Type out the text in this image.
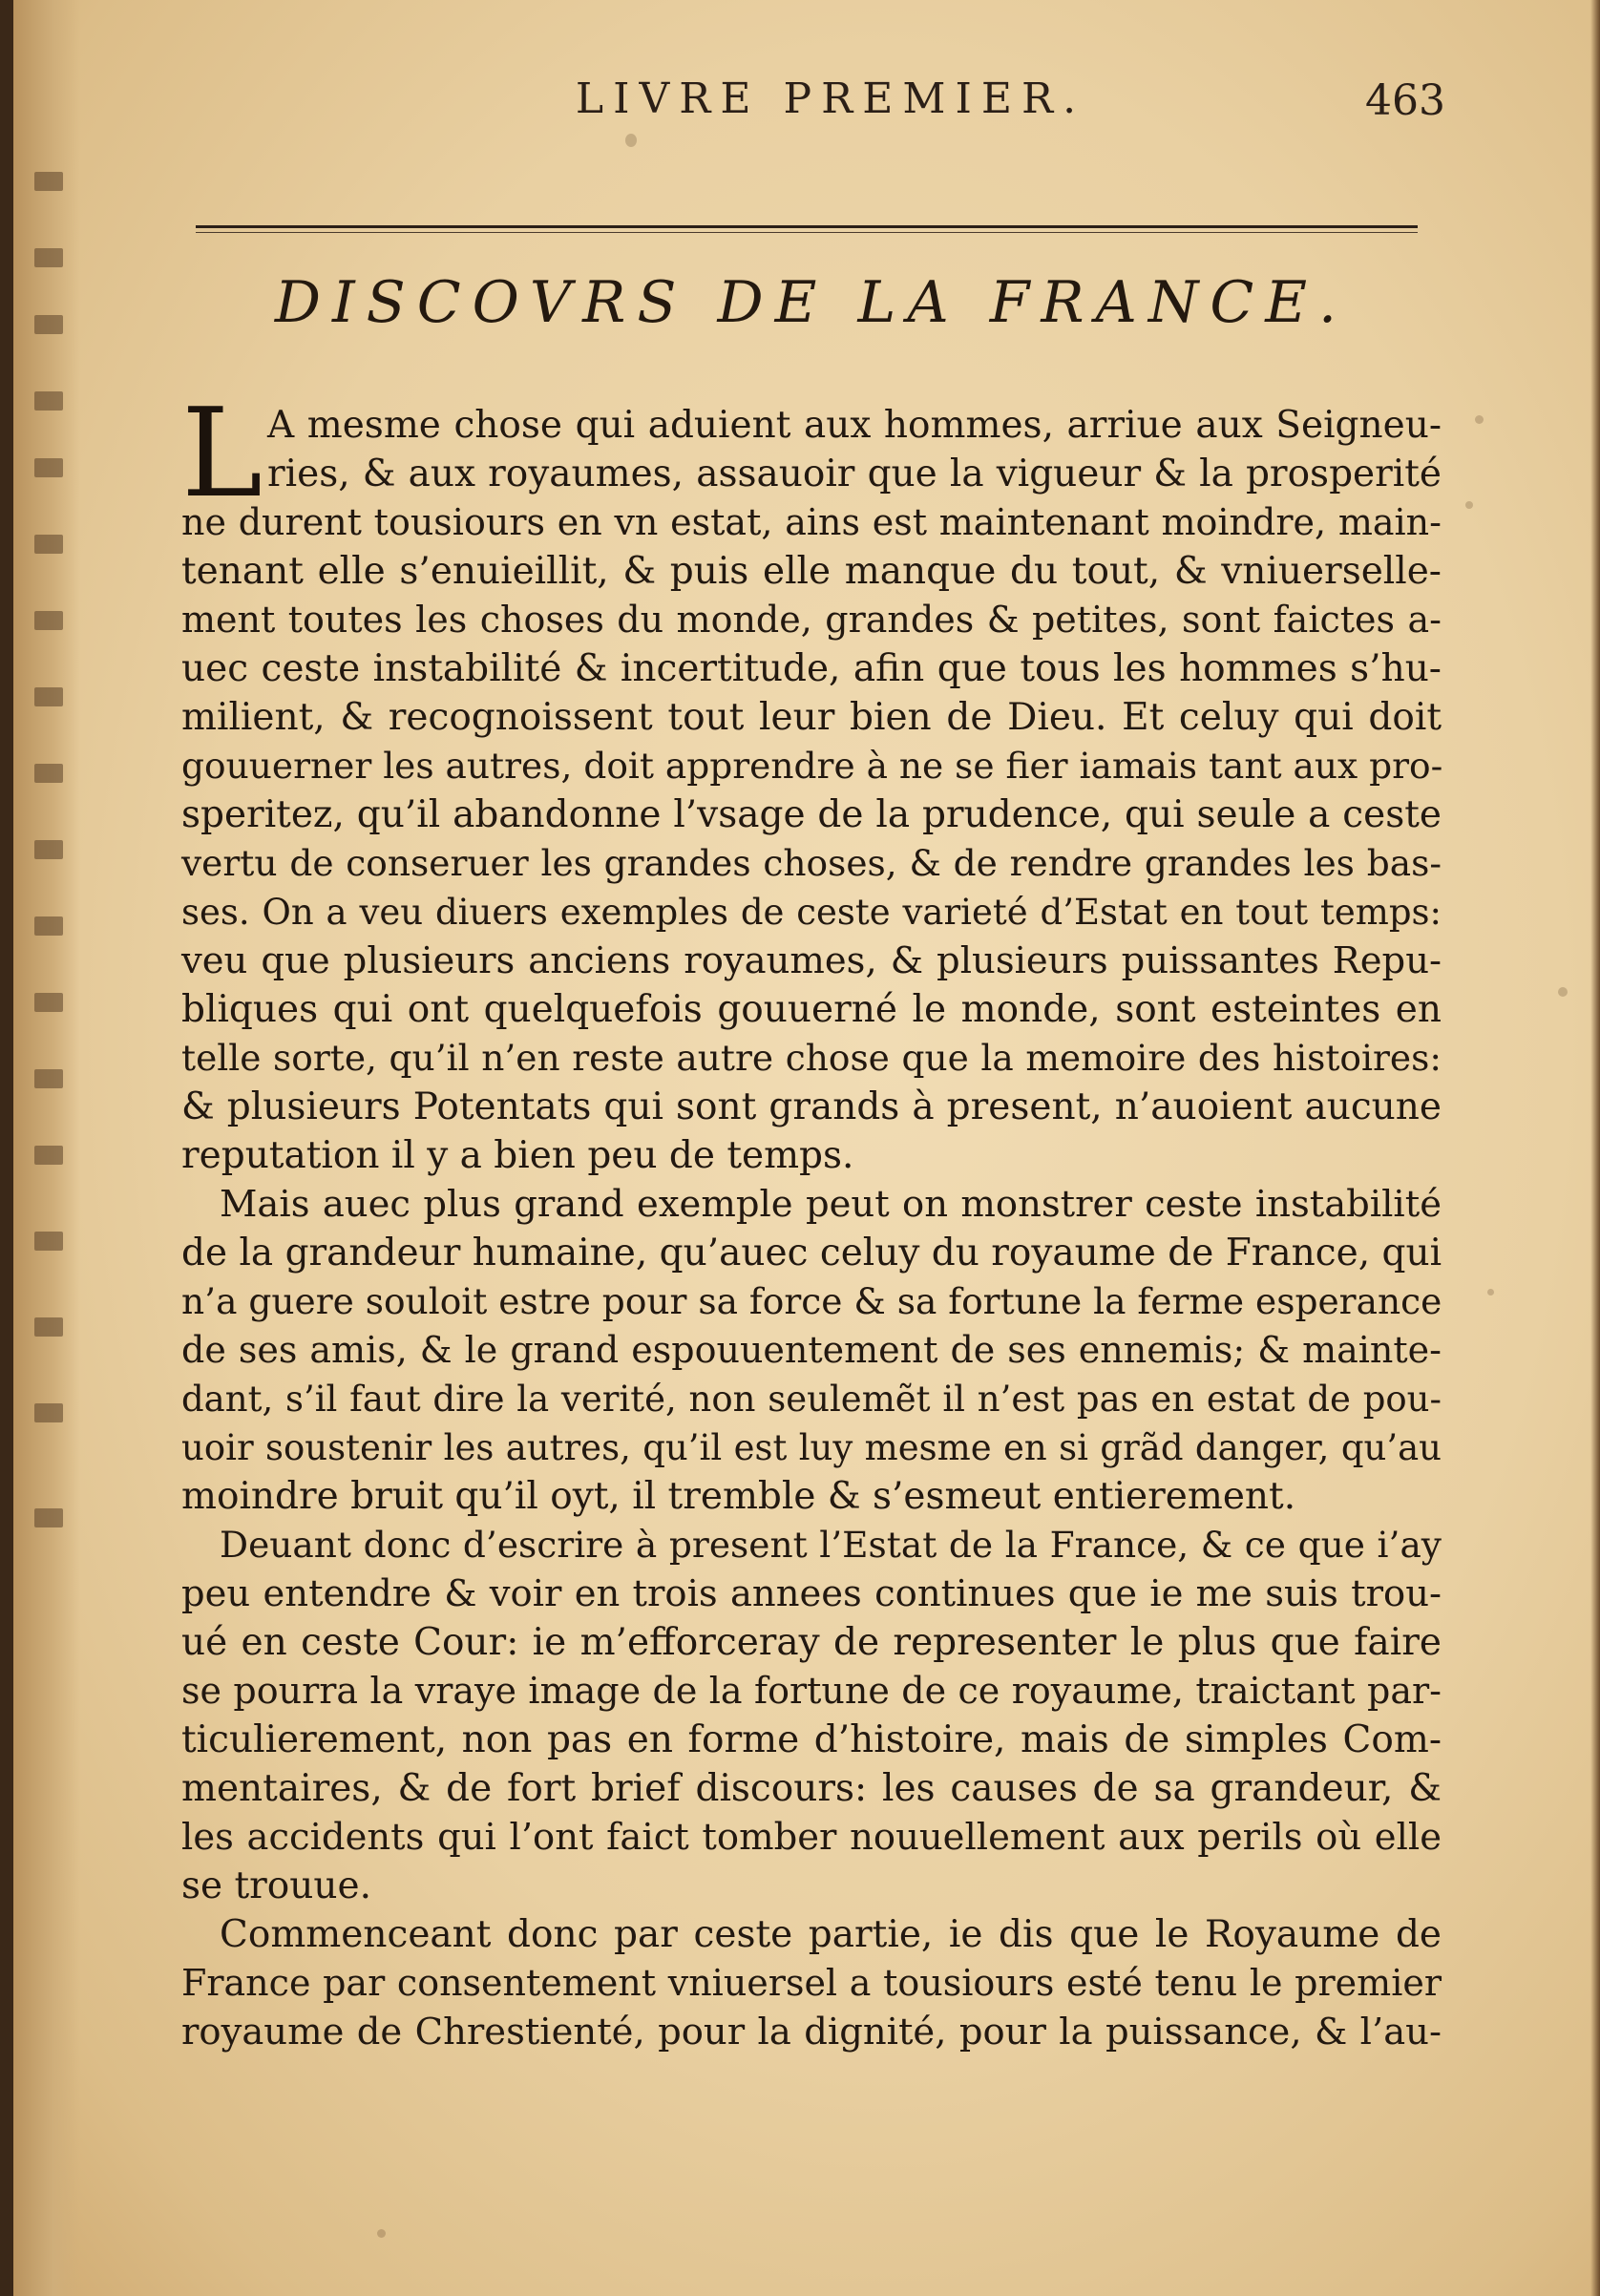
LIVRE PREMIER.	463
DISCOVRS DE LA FRANCE.
L A mesme chose qui aduient aux hommes, arriue aux Seigneu-
ries, & aux royaumes, assauoir que la vigueur & la prosperité
ne durent tousiours en vn estat, ains est maintenant moindre, main-
tenant elle s’enuieillit, & puis elle manque du tout, & vniuerselle-
ment toutes les choses du monde, grandes & petites, sont faictes a-
uec ceste instabilité & incertitude, afin que tous les hommes s’hu-
milient, & recognoissent tout leur bien de Dieu. Et celuy qui doit
gouuerner les autres, doit apprendre à ne se fier iamais tant aux pro-
speritez, qu’il abandonne l’vsage de la prudence, qui seule a ceste
vertu de conseruer les grandes choses, & de rendre grandes les bas-
ses. On a veu diuers exemples de ceste varieté d’Estat en tout temps:
veu que plusieurs anciens royaumes, & plusieurs puissantes Repu-
bliques qui ont quelquefois gouuerné le monde, sont esteintes en
telle sorte, qu’il n’en reste autre chose que la memoire des histoires:
& plusieurs Potentats qui sont grands à present, n’auoient aucune
reputation il y a bien peu de temps.
Mais auec plus grand exemple peut on monstrer ceste instabilité
de la grandeur humaine, qu’auec celuy du royaume de France, qui
n’a guere souloit estre pour sa force & sa fortune la ferme esperance
de ses amis, & le grand espouuentement de ses ennemis; & mainte-
dant, s’il faut dire la verité, non seulemẽt il n’est pas en estat de pou-
uoir soustenir les autres, qu’il est luy mesme en si grãd danger, qu’au
moindre bruit qu’il oyt, il tremble & s’esmeut entierement.
Deuant donc d’escrire à present l’Estat de la France, & ce que i’ay
peu entendre & voir en trois annees continues que ie me suis trou-
ué en ceste Cour: ie m’efforceray de representer le plus que faire
se pourra la vraye image de la fortune de ce royaume, traictant par-
ticulierement, non pas en forme d’histoire, mais de simples Com-
mentaires, & de fort brief discours: les causes de sa grandeur, &
les accidents qui l’ont faict tomber nouuellement aux perils où elle
se trouue.
Commenceant donc par ceste partie, ie dis que le Royaume de
France par consentement vniuersel a tousiours esté tenu le premier
royaume de Chrestienté, pour la dignité, pour la puissance, & l’au-
